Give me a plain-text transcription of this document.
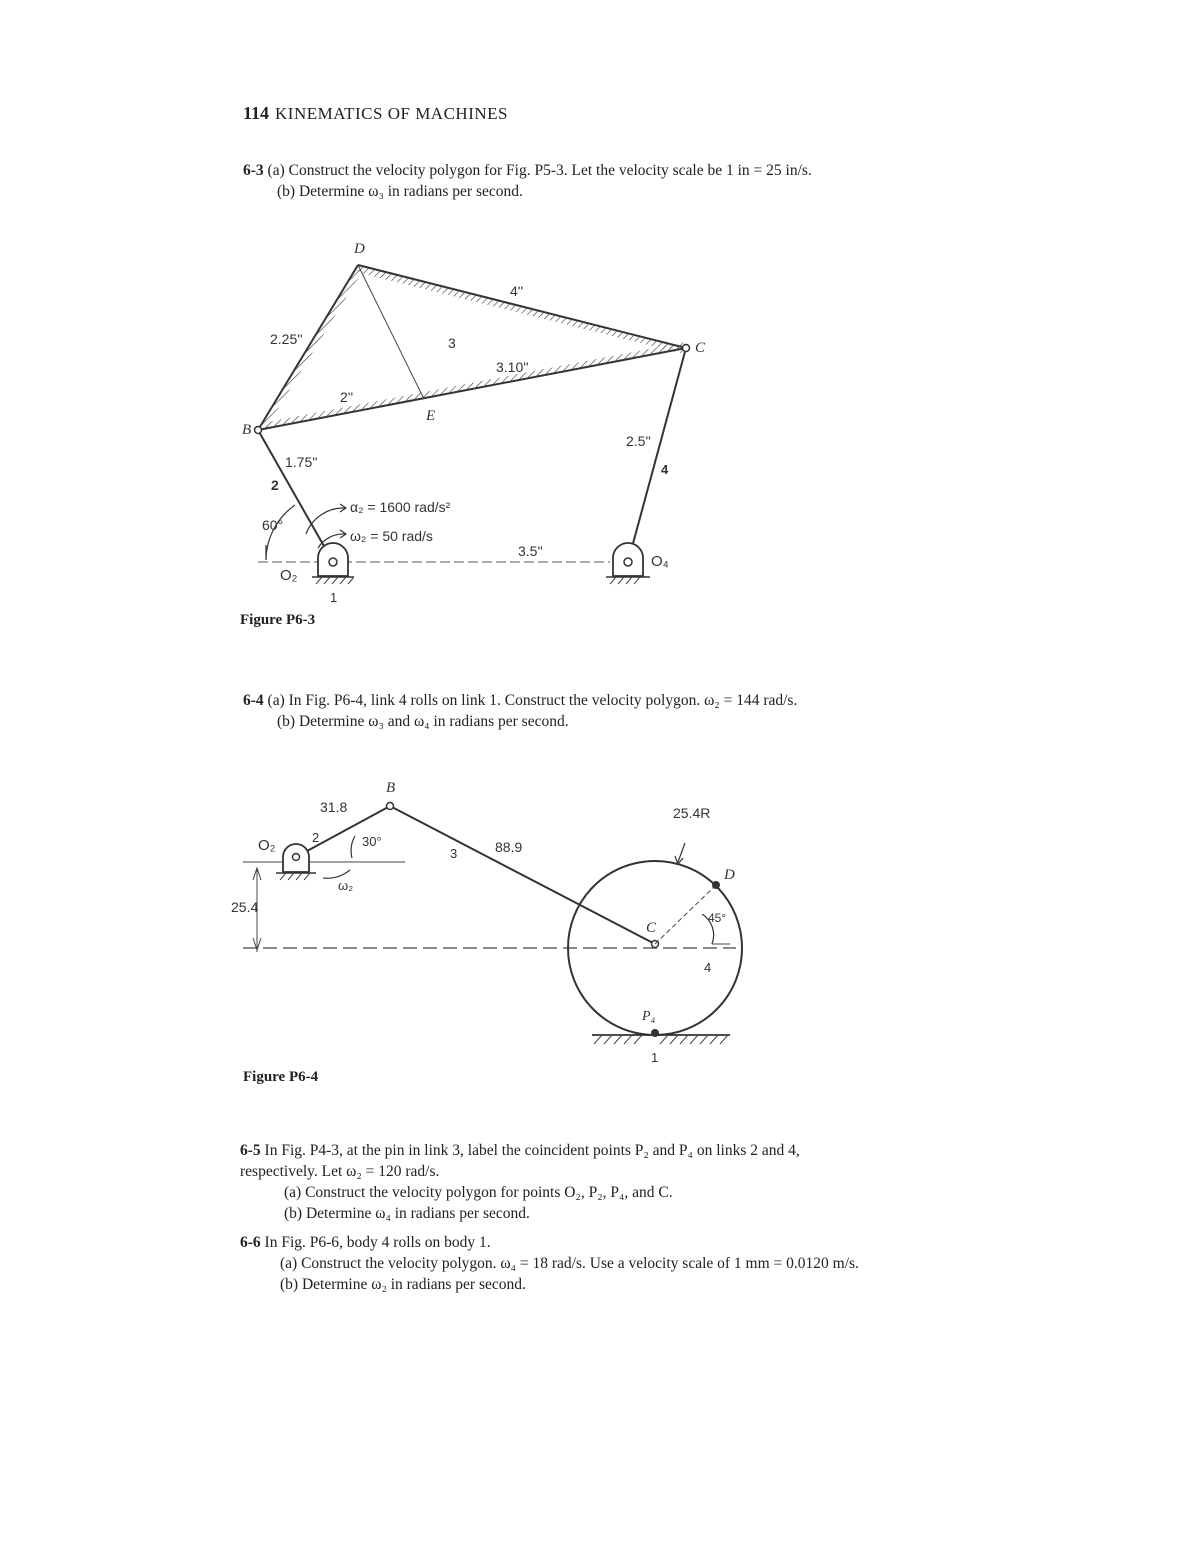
114 KINEMATICS OF MACHINES
6-3 (a) Construct the velocity polygon for Fig. P5-3. Let the velocity scale be 1 in = 25 in/s.
(b) Determine ω₃ in radians per second.
D
C
B
E
2.25''
4''
3.10''
2''
3
1.75''
2
2.5''
4
60°
α₂ = 1600 rad/s²
ω₂ = 50 rad/s
3.5''
O₂
O₄
1
Figure P6-3
6-4 (a) In Fig. P6-4, link 4 rolls on link 1. Construct the velocity polygon. ω₂ = 144 rad/s.
(b) Determine ω₃ and ω₄ in radians per second.
B
O₂
31.8
30°
2
ω₂
3	88.9
25.4R
D
C
45°
4
P₄
1
25.4
Figure P6-4
6-5 In Fig. P4-3, at the pin in link 3, label the coincident points P₂ and P₄ on links 2 and 4,
respectively. Let ω₂ = 120 rad/s.
(a) Construct the velocity polygon for points O₂, P₂, P₄, and C.
(b) Determine ω₄ in radians per second.
6-6 In Fig. P6-6, body 4 rolls on body 1.
(a) Construct the velocity polygon. ω₄ = 18 rad/s. Use a velocity scale of 1 mm = 0.0120 m/s.
(b) Determine ω₂ in radians per second.
